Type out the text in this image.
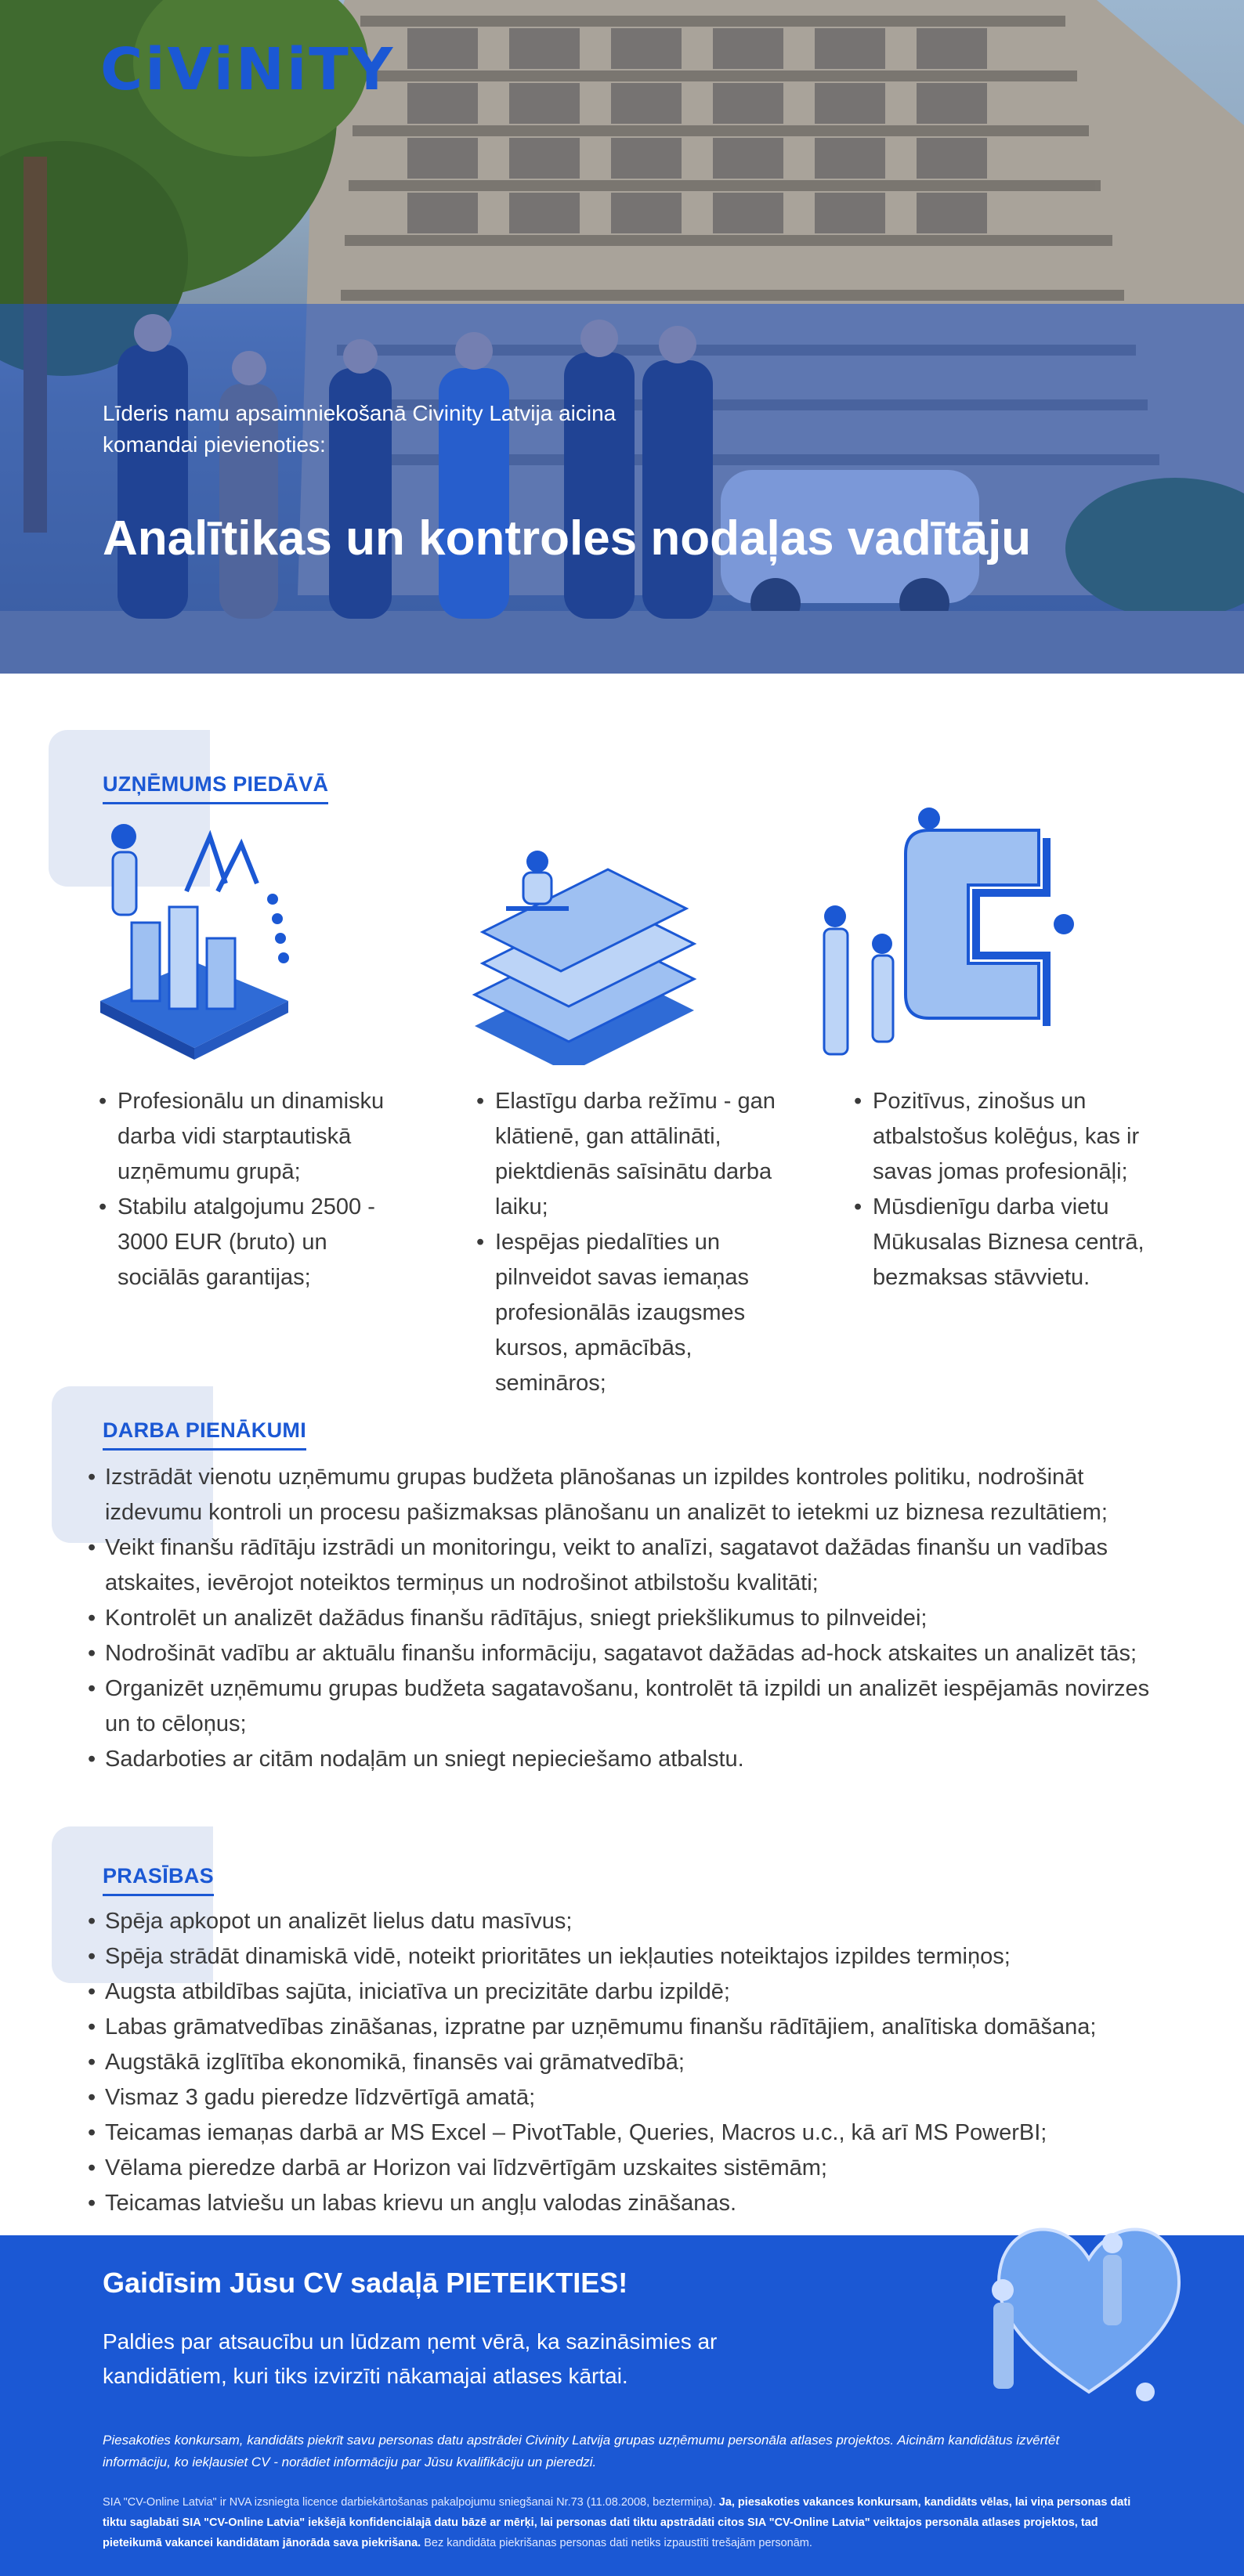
CiViNiTY
Līderis namu apsaimniekošanā Civinity Latvija aicina komandai pievienoties:
Analītikas un kontroles nodaļas vadītāju
UZŅĒMUMS PIEDĀVĀ
• Profesionālu un dinamisku darba vidi starptautiskā uzņēmumu grupā;
• Stabilu atalgojumu 2500 - 3000 EUR (bruto) un sociālās garantijas;
• Elastīgu darba režīmu - gan klātienē, gan attālināti, piektdienās saīsinātu darba laiku;
• Iespējas piedalīties un pilnveidot savas iemaņas profesionālās izaugsmes kursos, apmācībās, semināros;
• Pozitīvus, zinošus un atbalstošus kolēģus, kas ir savas jomas profesionāļi;
• Mūsdienīgu darba vietu Mūkusalas Biznesa centrā, bezmaksas stāvvietu.
DARBA PIENĀKUMI
• Izstrādāt vienotu uzņēmumu grupas budžeta plānošanas un izpildes kontroles politiku, nodrošināt izdevumu kontroli un procesu pašizmaksas plānošanu un analizēt to ietekmi uz biznesa rezultātiem;
• Veikt finanšu rādītāju izstrādi un monitoringu, veikt to analīzi, sagatavot dažādas finanšu un vadības atskaites, ievērojot noteiktos termiņus un nodrošinot atbilstošu kvalitāti;
• Kontrolēt un analizēt dažādus finanšu rādītājus, sniegt priekšlikumus to pilnveidei;
• Nodrošināt vadību ar aktuālu finanšu informāciju, sagatavot dažādas ad-hock atskaites un analizēt tās;
• Organizēt uzņēmumu grupas budžeta sagatavošanu, kontrolēt tā izpildi un analizēt iespējamās novirzes un to cēloņus;
• Sadarboties ar citām nodaļām un sniegt nepieciešamo atbalstu.
PRASĪBAS
• Spēja apkopot un analizēt lielus datu masīvus;
• Spēja strādāt dinamiskā vidē, noteikt prioritātes un iekļauties noteiktajos izpildes termiņos;
• Augsta atbildības sajūta, iniciatīva un precizitāte darbu izpildē;
• Labas grāmatvedības zināšanas, izpratne par uzņēmumu finanšu rādītājiem, analītiska domāšana;
• Augstākā izglītība ekonomikā, finansēs vai grāmatvedībā;
• Vismaz 3 gadu pieredze līdzvērtīgā amatā;
• Teicamas iemaņas darbā ar MS Excel – PivotTable, Queries, Macros u.c., kā arī MS PowerBI;
• Vēlama pieredze darbā ar Horizon vai līdzvērtīgām uzskaites sistēmām;
• Teicamas latviešu un labas krievu un angļu valodas zināšanas.
Gaidīsim Jūsu CV sadaļā PIETEIKTIES!
Paldies par atsaucību un lūdzam ņemt vērā, ka sazināsimies ar kandidātiem, kuri tiks izvirzīti nākamajai atlases kārtai.
Piesakoties konkursam, kandidāts piekrīt savu personas datu apstrādei Civinity Latvija grupas uzņēmumu personāla atlases projektos. Aicinām kandidātus izvērtēt informāciju, ko iekļausiet CV - norādiet informāciju par Jūsu kvalifikāciju un pieredzi.
SIA "CV-Online Latvia" ir NVA izsniegta licence darbiekārtošanas pakalpojumu sniegšanai Nr.73 (11.08.2008, beztermiņa). Ja, piesakoties vakances konkursam, kandidāts vēlas, lai viņa personas dati tiktu saglabāti SIA "CV-Online Latvia" iekšējā konfidenciālajā datu bāzē ar mērķi, lai personas dati tiktu apstrādāti citos SIA "CV-Online Latvia" veiktajos personāla atlases projektos, tad pieteikumā vakancei kandidātam jānorāda sava piekrišana. Bez kandidāta piekrišanas personas dati netiks izpaustīti trešajām personām.
